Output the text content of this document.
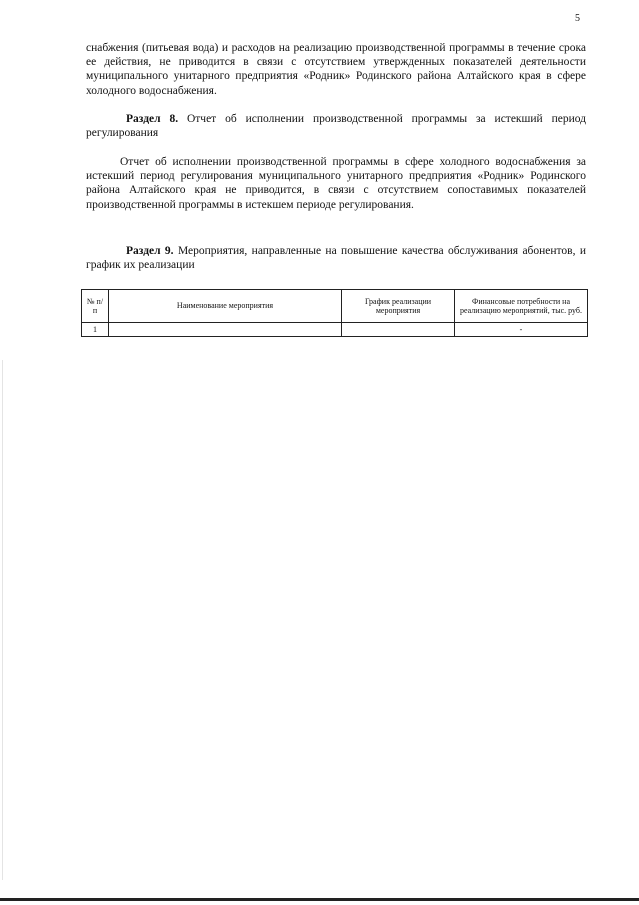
5

снабжения (питьевая вода) и расходов на реализацию производственной программы в течение срока ее действия, не приводится в связи с отсутствием утвержденных показателей деятельности муниципального унитарного предприятия «Родник» Родинского района Алтайского края в сфере холодного водоснабжения.

Раздел 8. Отчет об исполнении производственной программы за истекший период регулирования

Отчет об исполнении производственной программы в сфере холодного водоснабжения за истекший период регулирования муниципального унитарного предприятия «Родник» Родинского района Алтайского края не приводится, в связи с отсутствием сопоставимых показателей производственной программы в истекшем периоде регулирования.

Раздел 9. Мероприятия, направленные на повышение качества обслуживания абонентов, и график их реализации

№ п/п	Наименование мероприятия	График реализации мероприятия	Финансовые потребности на реализацию мероприятий, тыс. руб.
1			-
